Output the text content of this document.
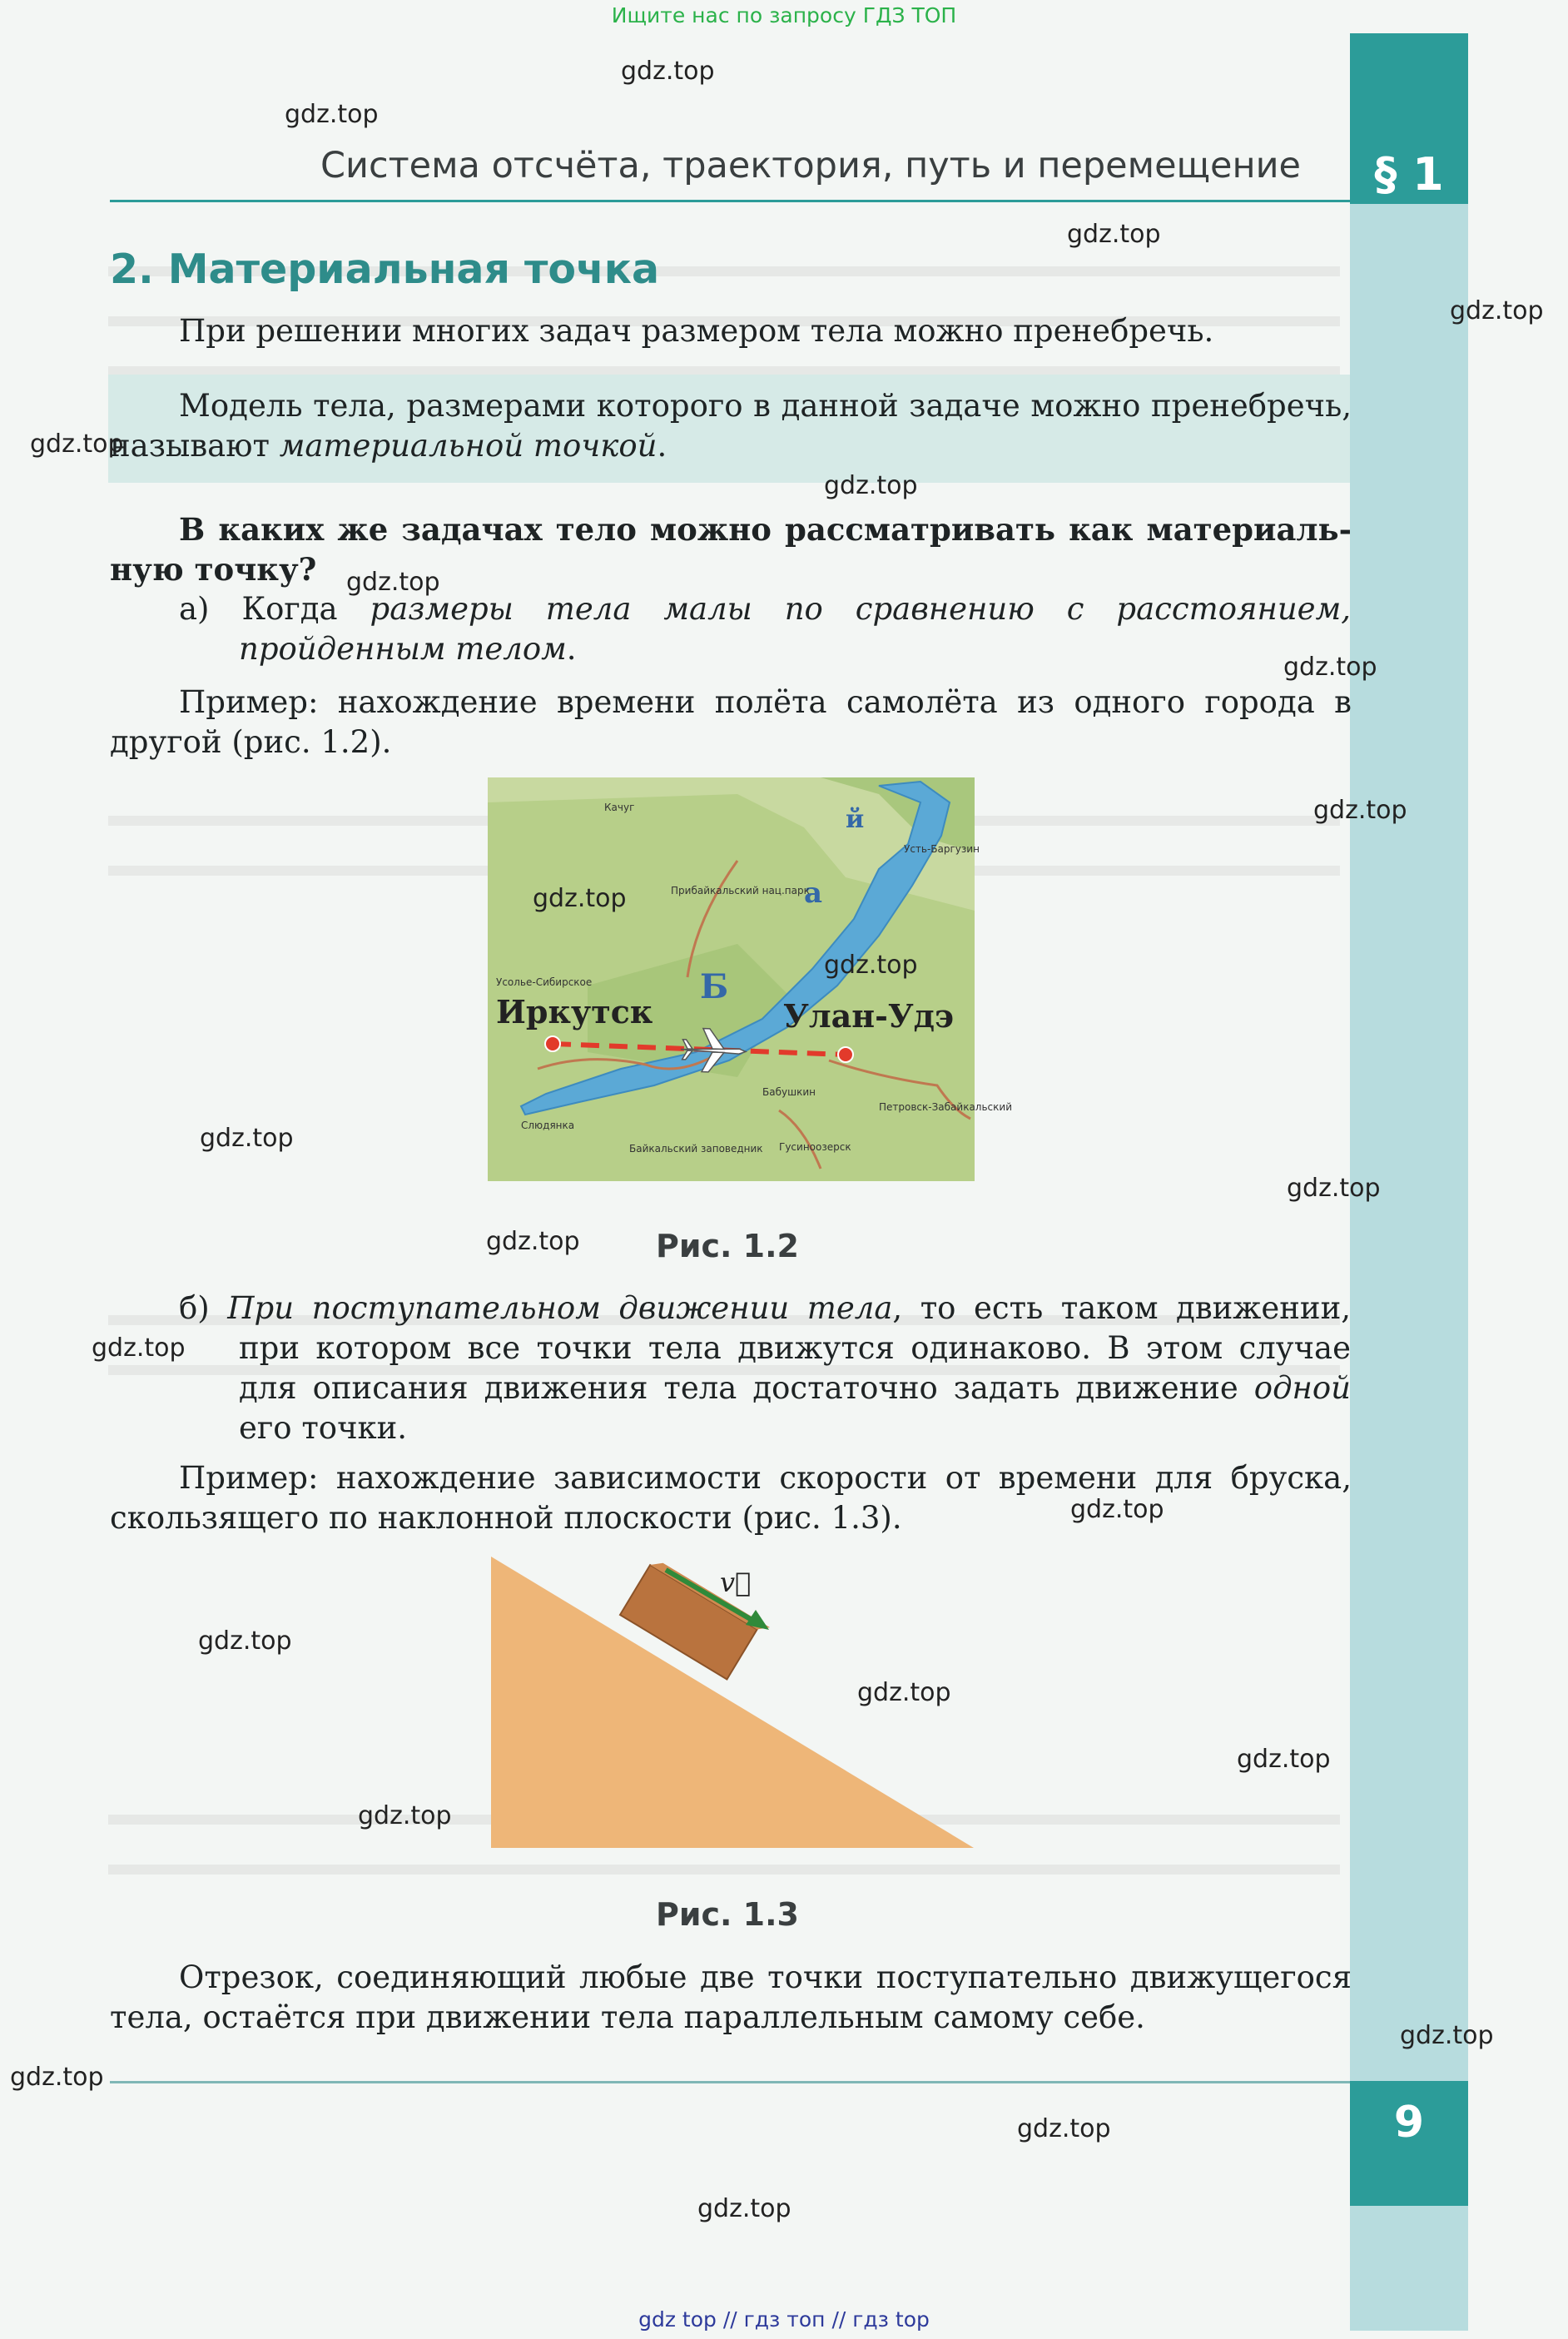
Ищите нас по запросу ГДЗ ТОП
§ 1
Система отсчёта, траектория, путь и перемещение
2. Материальная точка
При решении многих задач размером тела можно пренебречь.
Модель тела, размерами которого в данной задаче можно пренебречь, называют материальной точкой.
В каких же задачах тело можно рассматривать как материальную точку?
а) Когда размеры тела малы по сравнению с расстоянием, пройденным телом.
Пример: нахождение времени полёта самолёта из одного города в другой (рис. 1.2).
Иркутск	Улан-Удэ
Б
а
й
Качуг
Усть-Баргузин
Прибайкальский нац.парк
Усолье-Сибирское
Бабушкин
Слюдянка
Петровск-Забайкальский
Гусиноозерск
Байкальский заповедник
Рис. 1.2
б) При поступательном движении тела, то есть таком движении, при котором все точки тела движутся одинаково. В этом случае для описания движения тела достаточно задать движение одной его точки.
Пример: нахождение зависимости скорости от времени для бруска, скользящего по наклонной плоскости (рис. 1.3).
v⃗
Рис. 1.3
Отрезок, соединяющий любые две точки поступательно движущегося тела, остаётся при движении тела параллельным самому себе.
9
gdz.top
gdz.top
gdz.top
gdz.top
gdz.top
gdz.top
gdz.top
gdz.top
gdz.top
gdz.top
gdz.top
gdz.top
gdz.top
gdz.top
gdz.top
gdz.top
gdz.top
gdz.top
gdz.top
gdz.top
gdz.top
gdz.top
gdz.top
gdz.top
gdz top // гдз топ // гдз top
